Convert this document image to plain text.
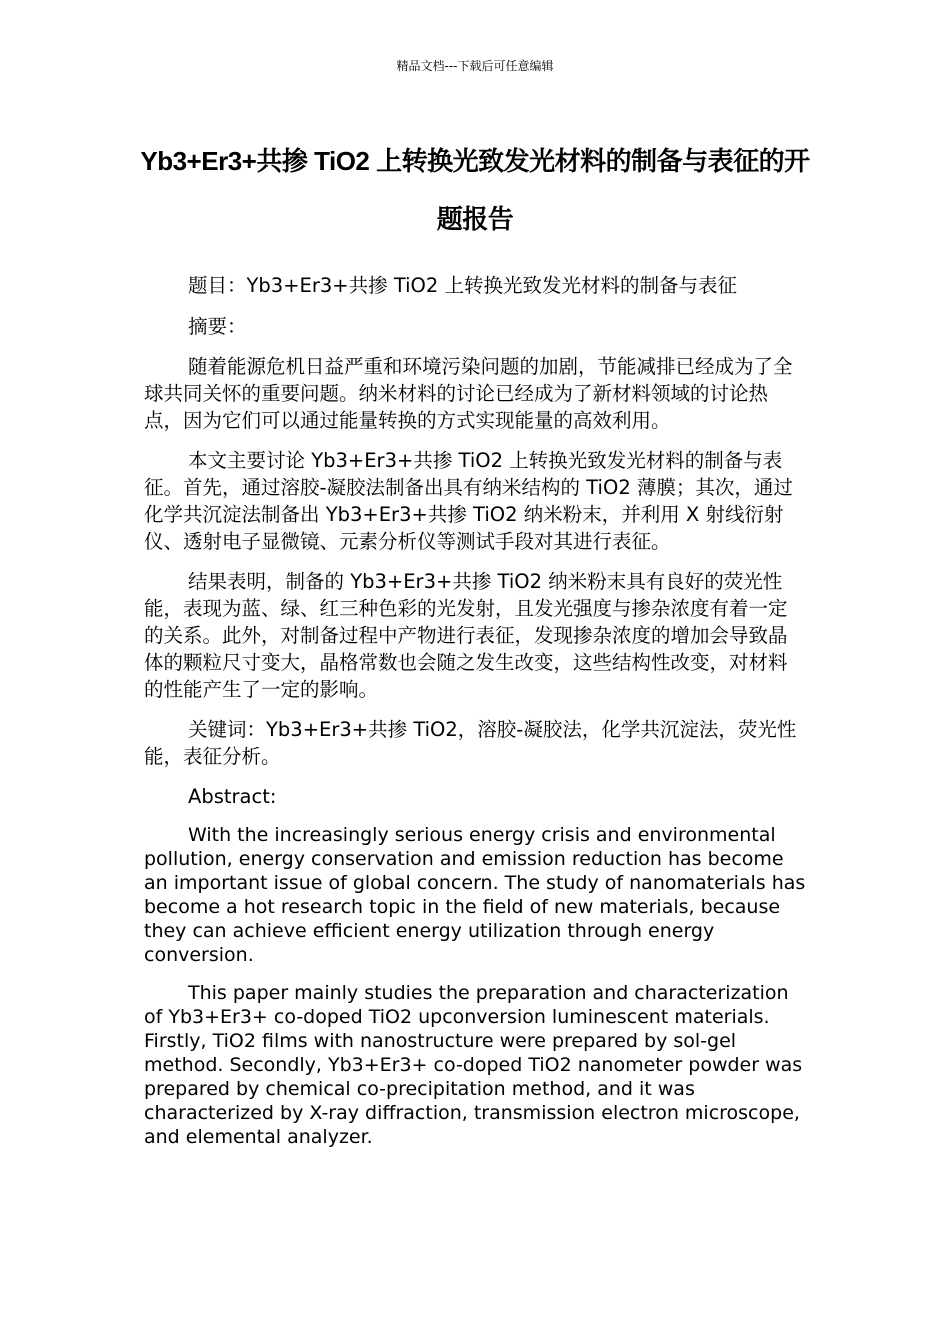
精品文档---下载后可任意编辑
Yb3+Er3+共掺 TiO2 上转换光致发光材料的制备与表征的开题报告

题目：Yb3+Er3+共掺 TiO2 上转换光致发光材料的制备与表征

摘要：

随着能源危机日益严重和环境污染问题的加剧，节能减排已经成为了全球共同关怀的重要问题。纳米材料的讨论已经成为了新材料领域的讨论热点，因为它们可以通过能量转换的方式实现能量的高效利用。

本文主要讨论 Yb3+Er3+共掺 TiO2 上转换光致发光材料的制备与表征。首先，通过溶胶-凝胶法制备出具有纳米结构的 TiO2 薄膜；其次，通过化学共沉淀法制备出 Yb3+Er3+共掺 TiO2 纳米粉末，并利用 X 射线衍射仪、透射电子显微镜、元素分析仪等测试手段对其进行表征。

结果表明，制备的 Yb3+Er3+共掺 TiO2 纳米粉末具有良好的荧光性能，表现为蓝、绿、红三种色彩的光发射，且发光强度与掺杂浓度有着一定的关系。此外，对制备过程中产物进行表征，发现掺杂浓度的增加会导致晶体的颗粒尺寸变大，晶格常数也会随之发生改变，这些结构性改变，对材料的性能产生了一定的影响。

关键词：Yb3+Er3+共掺 TiO2，溶胶-凝胶法，化学共沉淀法，荧光性能，表征分析。

Abstract:

With the increasingly serious energy crisis and environmental pollution, energy conservation and emission reduction has become an important issue of global concern. The study of nanomaterials has become a hot research topic in the field of new materials, because they can achieve efficient energy utilization through energy conversion.

This paper mainly studies the preparation and characterization of Yb3+Er3+ co-doped TiO2 upconversion luminescent materials. Firstly, TiO2 films with nanostructure were prepared by sol-gel method. Secondly, Yb3+Er3+ co-doped TiO2 nanometer powder was prepared by chemical co-precipitation method, and it was characterized by X-ray diffraction, transmission electron microscope, and elemental analyzer.
